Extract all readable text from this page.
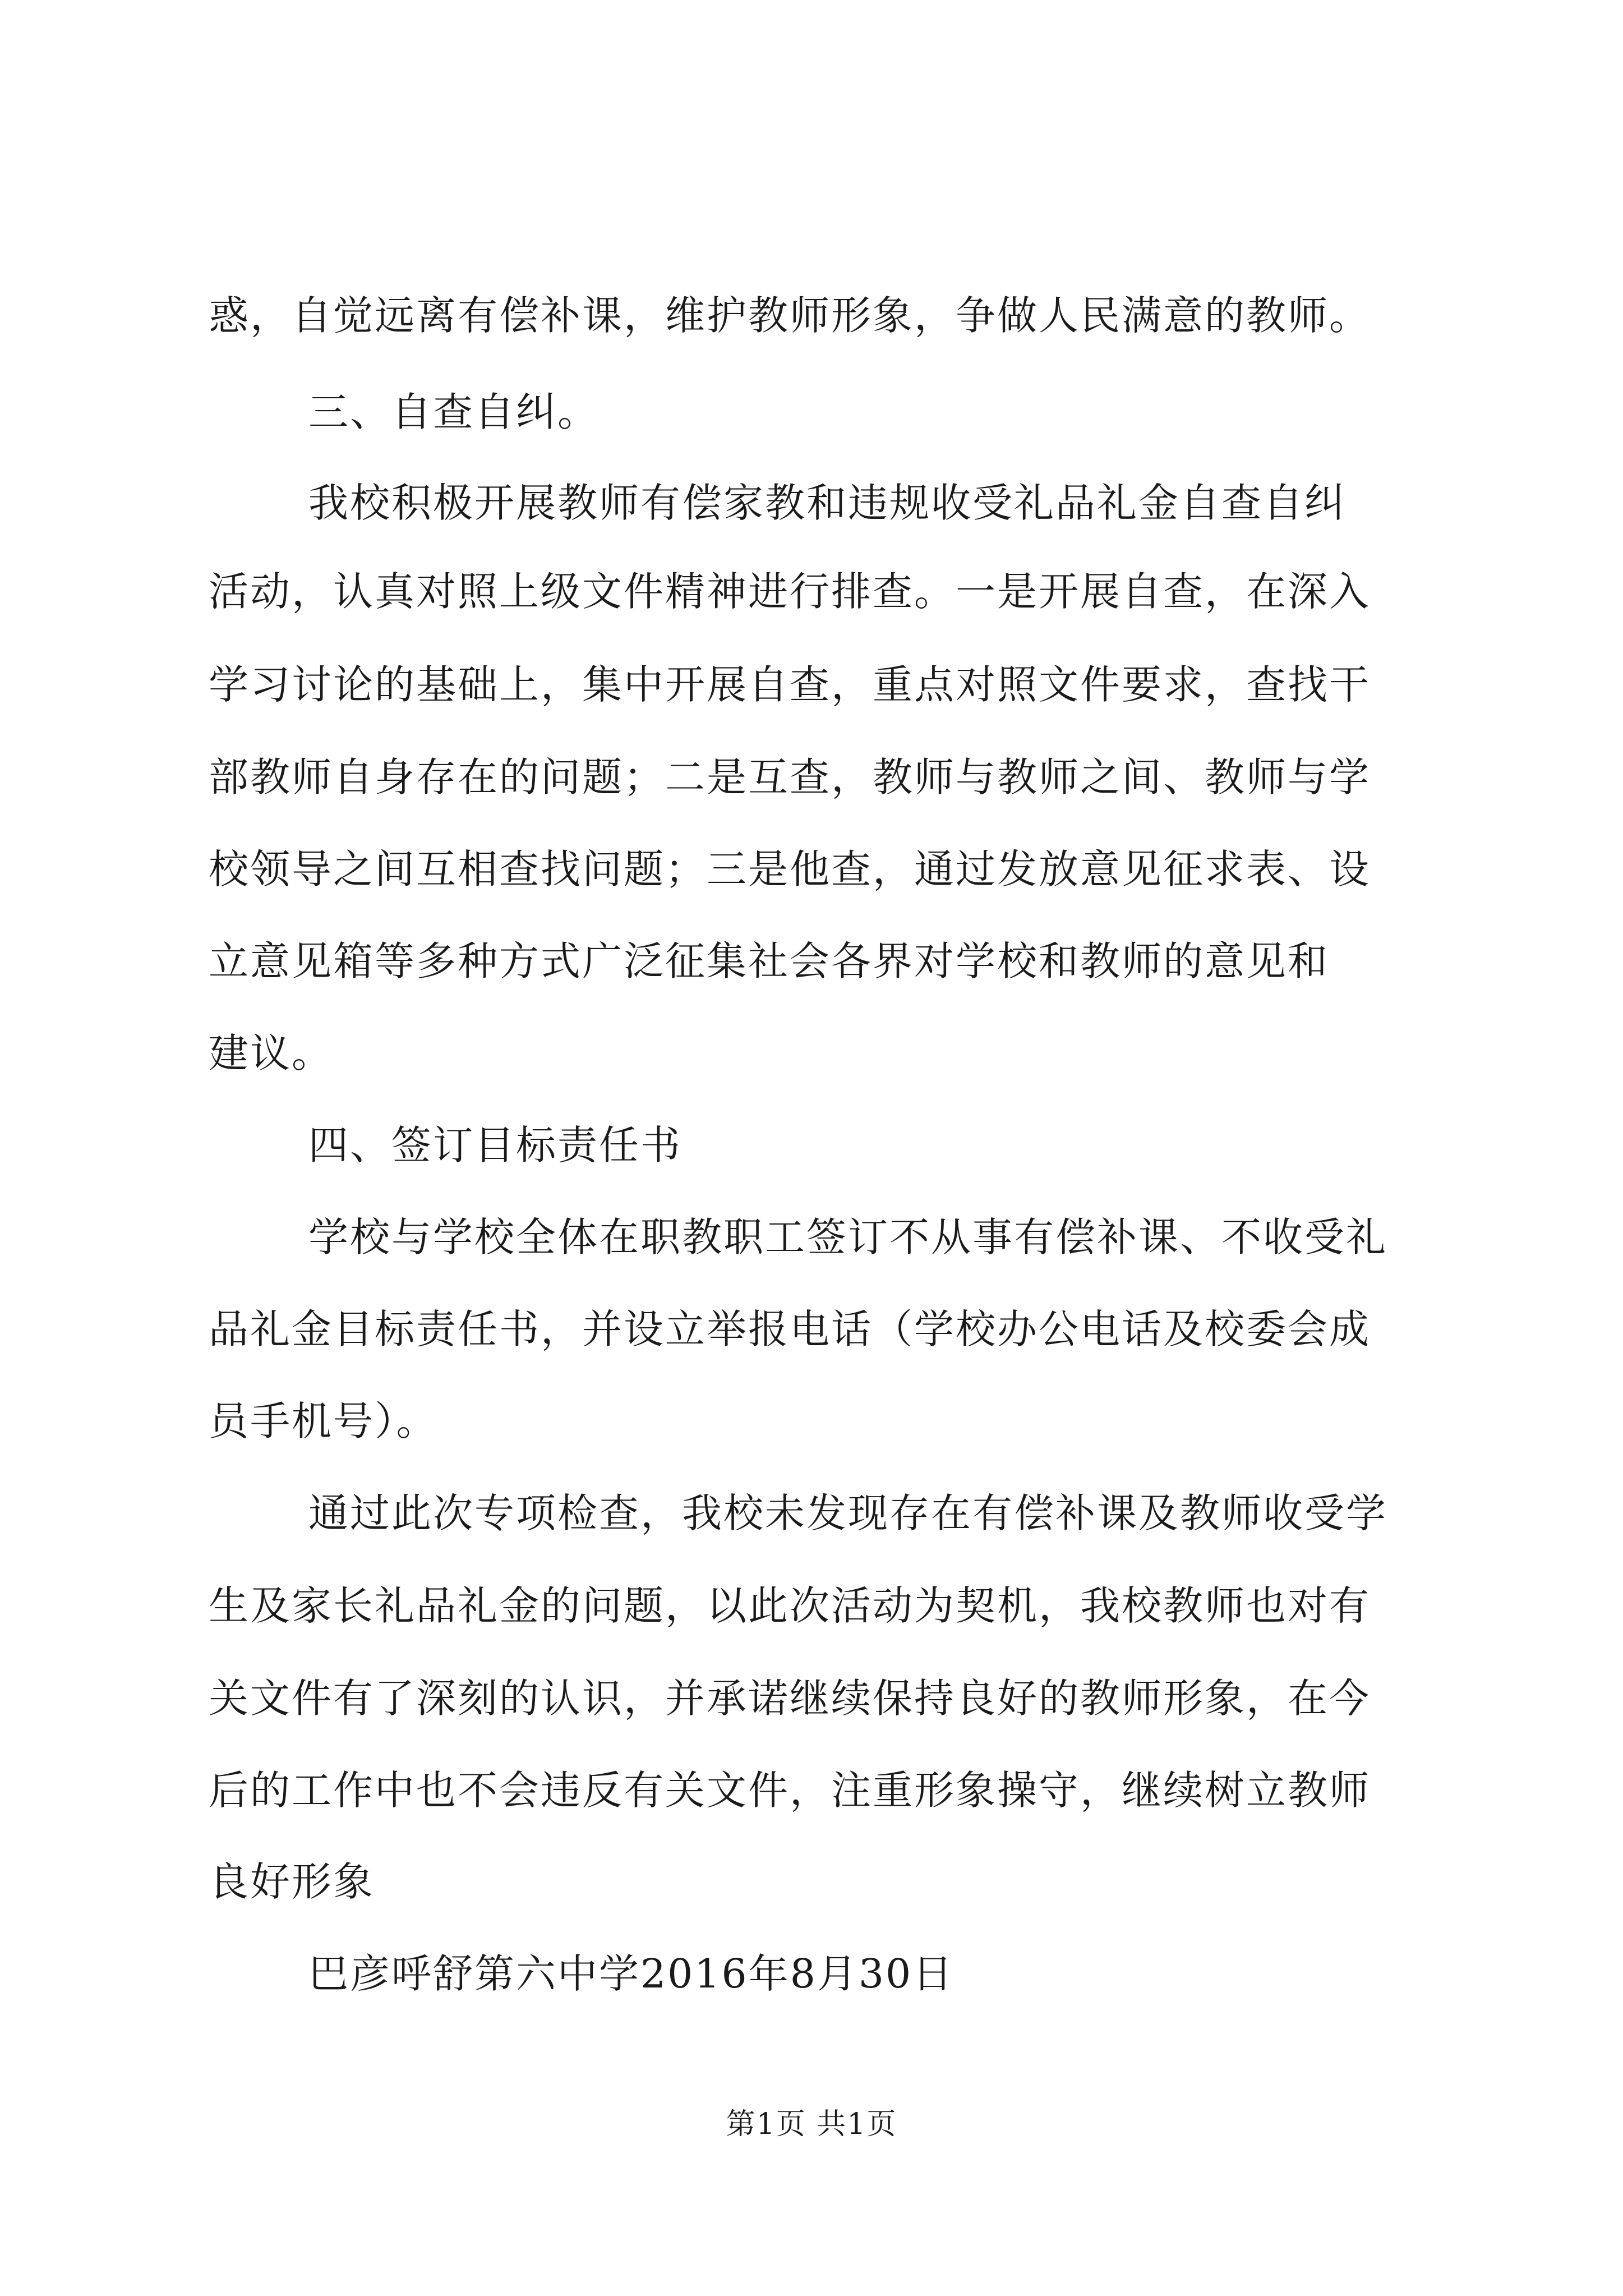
惑，自觉远离有偿补课，维护教师形象，争做人民满意的教师。
三、自查自纠。
我校积极开展教师有偿家教和违规收受礼品礼金自查自纠
活动，认真对照上级文件精神进行排查。一是开展自查，在深入
学习讨论的基础上，集中开展自查，重点对照文件要求，查找干
部教师自身存在的问题；二是互查，教师与教师之间、教师与学
校领导之间互相查找问题；三是他查，通过发放意见征求表、设
立意见箱等多种方式广泛征集社会各界对学校和教师的意见和
建议。
四、签订目标责任书
学校与学校全体在职教职工签订不从事有偿补课、不收受礼
品礼金目标责任书，并设立举报电话（学校办公电话及校委会成
员手机号）。
通过此次专项检查，我校未发现存在有偿补课及教师收受学
生及家长礼品礼金的问题，以此次活动为契机，我校教师也对有
关文件有了深刻的认识，并承诺继续保持良好的教师形象，在今
后的工作中也不会违反有关文件，注重形象操守，继续树立教师
良好形象
巴彦呼舒第六中学2016年8月30日
第1页 共1页
